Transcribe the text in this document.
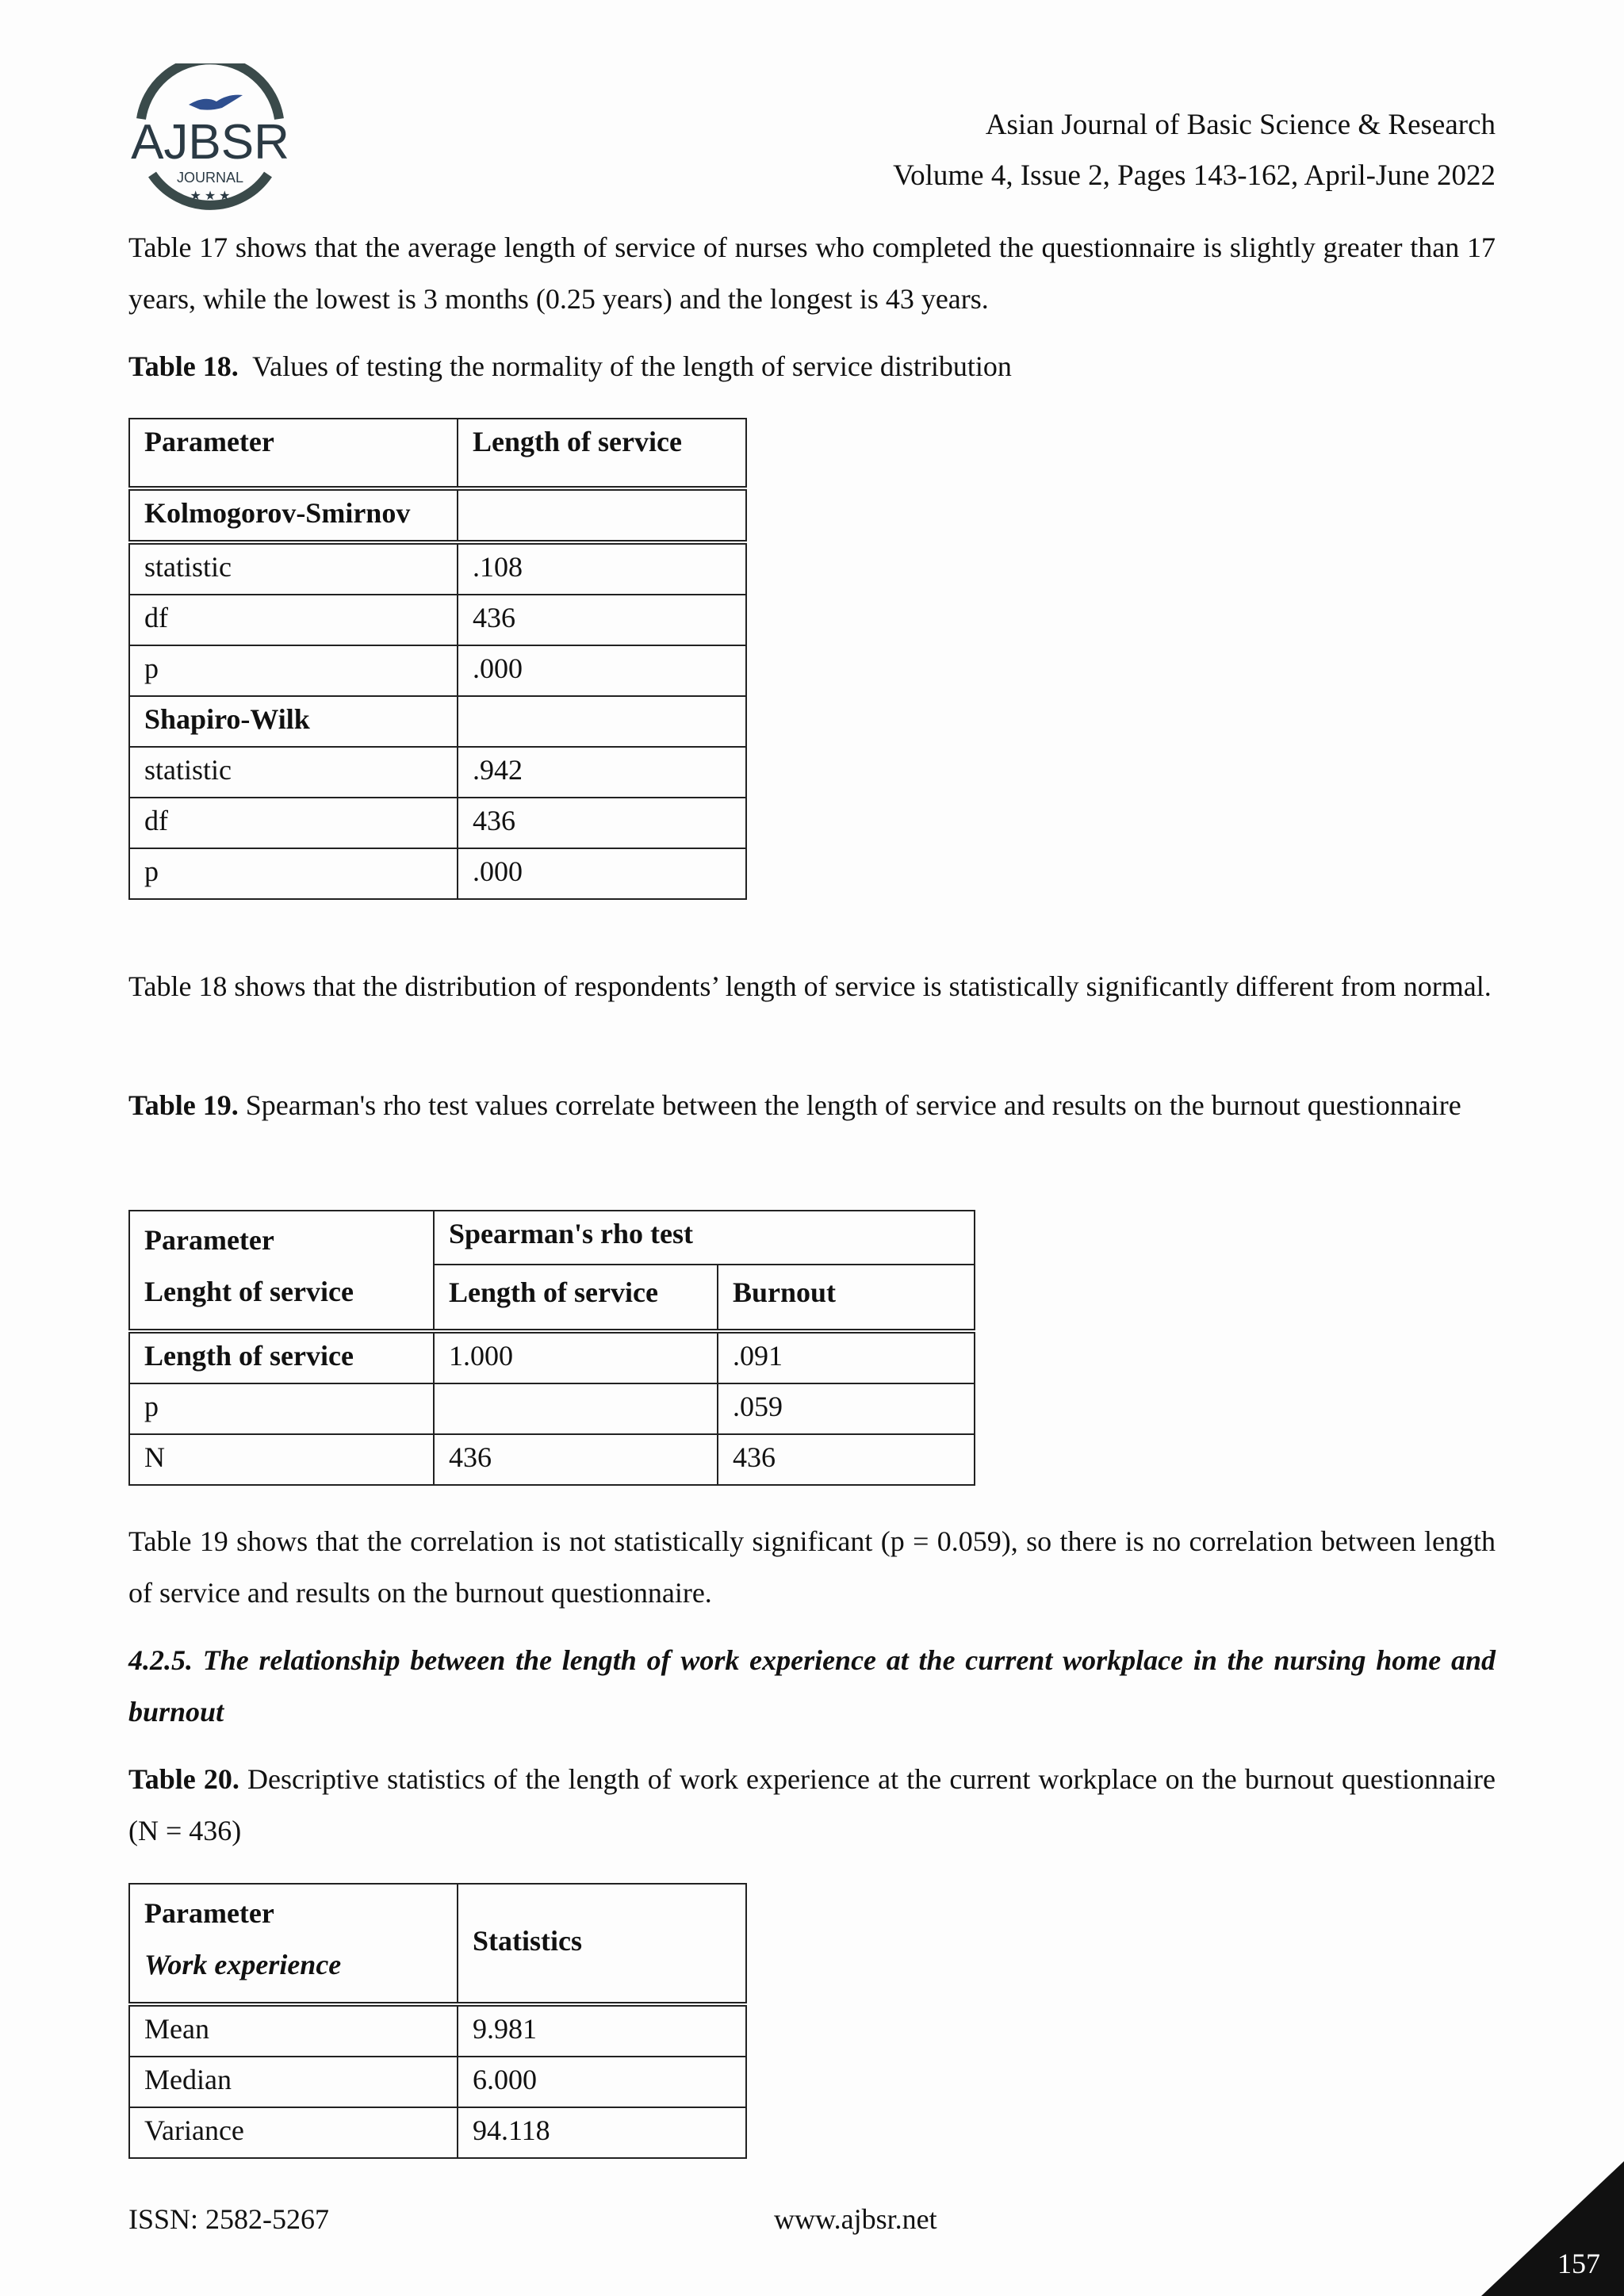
AJBSR
JOURNAL
★ ★ ★
Asian Journal of Basic Science & Research
Volume 4, Issue 2, Pages 143-162, April-June 2022

Table 17 shows that the average length of service of nurses who completed the questionnaire is slightly greater than 17 years, while the lowest is 3 months (0.25 years) and the longest is 43 years.

Table 18. Values of testing the normality of the length of service distribution

Parameter	Length of service
Kolmogorov-Smirnov	
statistic	.108
df	436
p	.000
Shapiro-Wilk	
statistic	.942
df	436
p	.000

Table 18 shows that the distribution of respondents’ length of service is statistically significantly different from normal.

Table 19. Spearman's rho test values correlate between the length of service and results on the burnout questionnaire

Parameter
Lenght of service	Spearman's rho test	
	Length of service	Burnout
Length of service	1.000	.091
p		.059
N	436	436

Table 19 shows that the correlation is not statistically significant (p = 0.059), so there is no correlation between length of service and results on the burnout questionnaire.

4.2.5. The relationship between the length of work experience at the current workplace in the nursing home and burnout

Table 20. Descriptive statistics of the length of work experience at the current workplace on the burnout questionnaire (N = 436)

Parameter
Work experience	Statistics
Mean	9.981
Median	6.000
Variance	94.118
ISSN: 2582-5267	www.ajbsr.net
157
